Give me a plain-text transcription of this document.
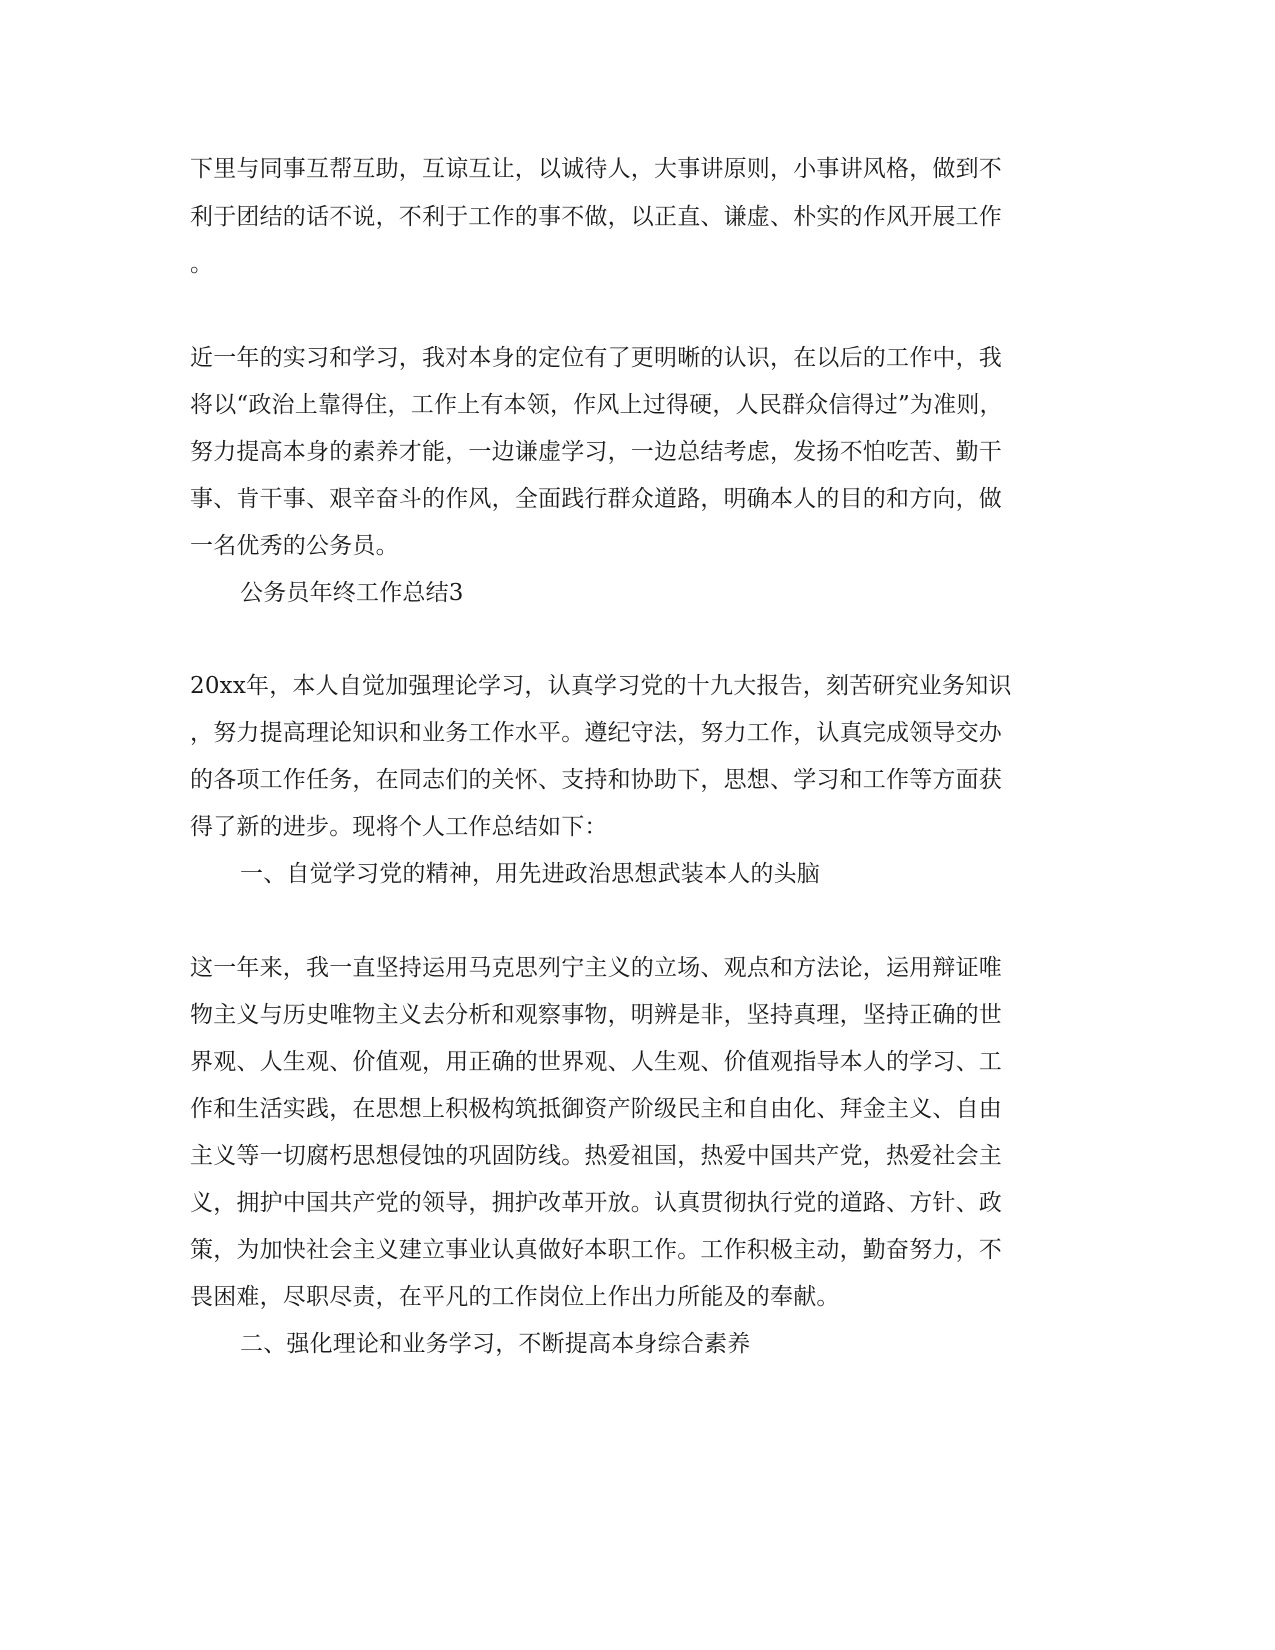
下里与同事互帮互助，互谅互让，以诚待人，大事讲原则，小事讲风格，做到不
利于团结的话不说，不利于工作的事不做，以正直、谦虚、朴实的作风开展工作
。
近一年的实习和学习，我对本身的定位有了更明晰的认识，在以后的工作中，我
将以“政治上靠得住，工作上有本领，作风上过得硬，人民群众信得过”为准则，
努力提高本身的素养才能，一边谦虚学习，一边总结考虑，发扬不怕吃苦、勤干
事、肯干事、艰辛奋斗的作风，全面践行群众道路，明确本人的目的和方向，做
一名优秀的公务员。
公务员年终工作总结3
20xx年，本人自觉加强理论学习，认真学习党的十九大报告，刻苦研究业务知识
，努力提高理论知识和业务工作水平。遵纪守法，努力工作，认真完成领导交办
的各项工作任务，在同志们的关怀、支持和协助下，思想、学习和工作等方面获
得了新的进步。现将个人工作总结如下：
一、自觉学习党的精神，用先进政治思想武装本人的头脑
这一年来，我一直坚持运用马克思列宁主义的立场、观点和方法论，运用辩证唯
物主义与历史唯物主义去分析和观察事物，明辨是非，坚持真理，坚持正确的世
界观、人生观、价值观，用正确的世界观、人生观、价值观指导本人的学习、工
作和生活实践，在思想上积极构筑抵御资产阶级民主和自由化、拜金主义、自由
主义等一切腐朽思想侵蚀的巩固防线。热爱祖国，热爱中国共产党，热爱社会主
义，拥护中国共产党的领导，拥护改革开放。认真贯彻执行党的道路、方针、政
策，为加快社会主义建立事业认真做好本职工作。工作积极主动，勤奋努力，不
畏困难，尽职尽责，在平凡的工作岗位上作出力所能及的奉献。
二、强化理论和业务学习，不断提高本身综合素养
